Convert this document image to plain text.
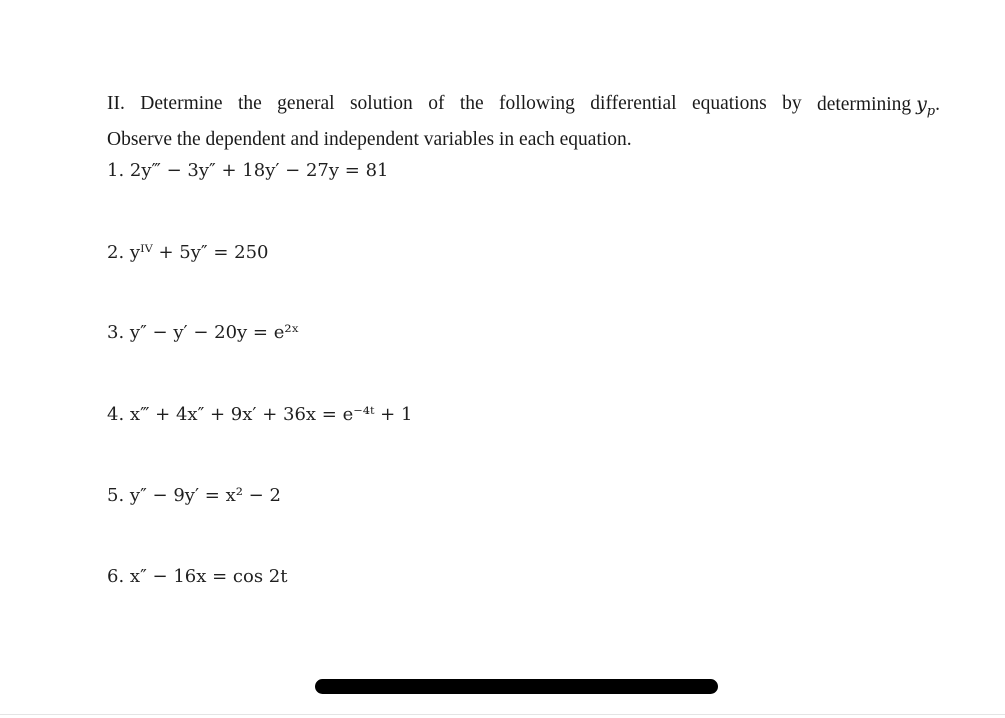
II. Determine the general solution of the following differential equations by determining $y_p$.
Observe the dependent and independent variables in each equation.

1. 2y‴ − 3y″ + 18y′ − 27y = 81

2. yᴵⱽ + 5y″ = 250

3. y″ − y′ − 20y = e²ˣ

4. x‴ + 4x″ + 9x′ + 36x = e⁻⁴ᵗ + 1

5. y″ − 9y′ = x² − 2

6. x″ − 16x = cos 2t
